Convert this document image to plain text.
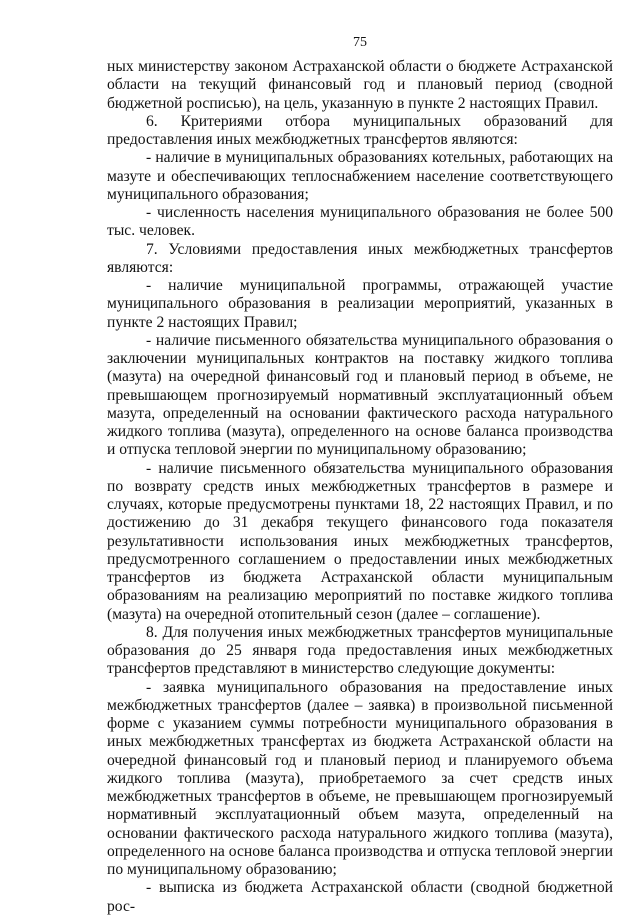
75

ных министерству законом Астраханской области о бюджете Астраханской области на текущий финансовый год и плановый период (сводной бюджетной росписью), на цель, указанную в пункте 2 настоящих Правил.

6. Критериями отбора муниципальных образований для предоставления иных межбюджетных трансфертов являются:

- наличие в муниципальных образованиях котельных, работающих на мазуте и обеспечивающих теплоснабжением население соответствующего муниципального образования;

- численность населения муниципального образования не более 500 тыс. человек.

7. Условиями предоставления иных межбюджетных трансфертов являются:

- наличие муниципальной программы, отражающей участие муниципального образования в реализации мероприятий, указанных в пункте 2 настоящих Правил;

- наличие письменного обязательства муниципального образования о заключении муниципальных контрактов на поставку жидкого топлива (мазута) на очередной финансовый год и плановый период в объеме, не превышающем прогнозируемый нормативный эксплуатационный объем мазута, определенный на основании фактического расхода натурального жидкого топлива (мазута), определенного на основе баланса производства и отпуска тепловой энергии по муниципальному образованию;

- наличие письменного обязательства муниципального образования по возврату средств иных межбюджетных трансфертов в размере и случаях, которые предусмотрены пунктами 18, 22 настоящих Правил, и по достижению до 31 декабря текущего финансового года показателя результативности использования иных межбюджетных трансфертов, предусмотренного соглашением о предоставлении иных межбюджетных трансфертов из бюджета Астраханской области муниципальным образованиям на реализацию мероприятий по поставке жидкого топлива (мазута) на очередной отопительный сезон (далее – соглашение).

8. Для получения иных межбюджетных трансфертов муниципальные образования до 25 января года предоставления иных межбюджетных трансфертов представляют в министерство следующие документы:

- заявка муниципального образования на предоставление иных межбюджетных трансфертов (далее – заявка) в произвольной письменной форме с указанием суммы потребности муниципального образования в иных межбюджетных трансфертах из бюджета Астраханской области на очередной финансовый год и плановый период и планируемого объема жидкого топлива (мазута), приобретаемого за счет средств иных межбюджетных трансфертов в объеме, не превышающем прогнозируемый нормативный эксплуатационный объем мазута, определенный на основании фактического расхода натурального жидкого топлива (мазута), определенного на основе баланса производства и отпуска тепловой энергии по муниципальному образованию;

- выписка из бюджета Астраханской области (сводной бюджетной рос-
